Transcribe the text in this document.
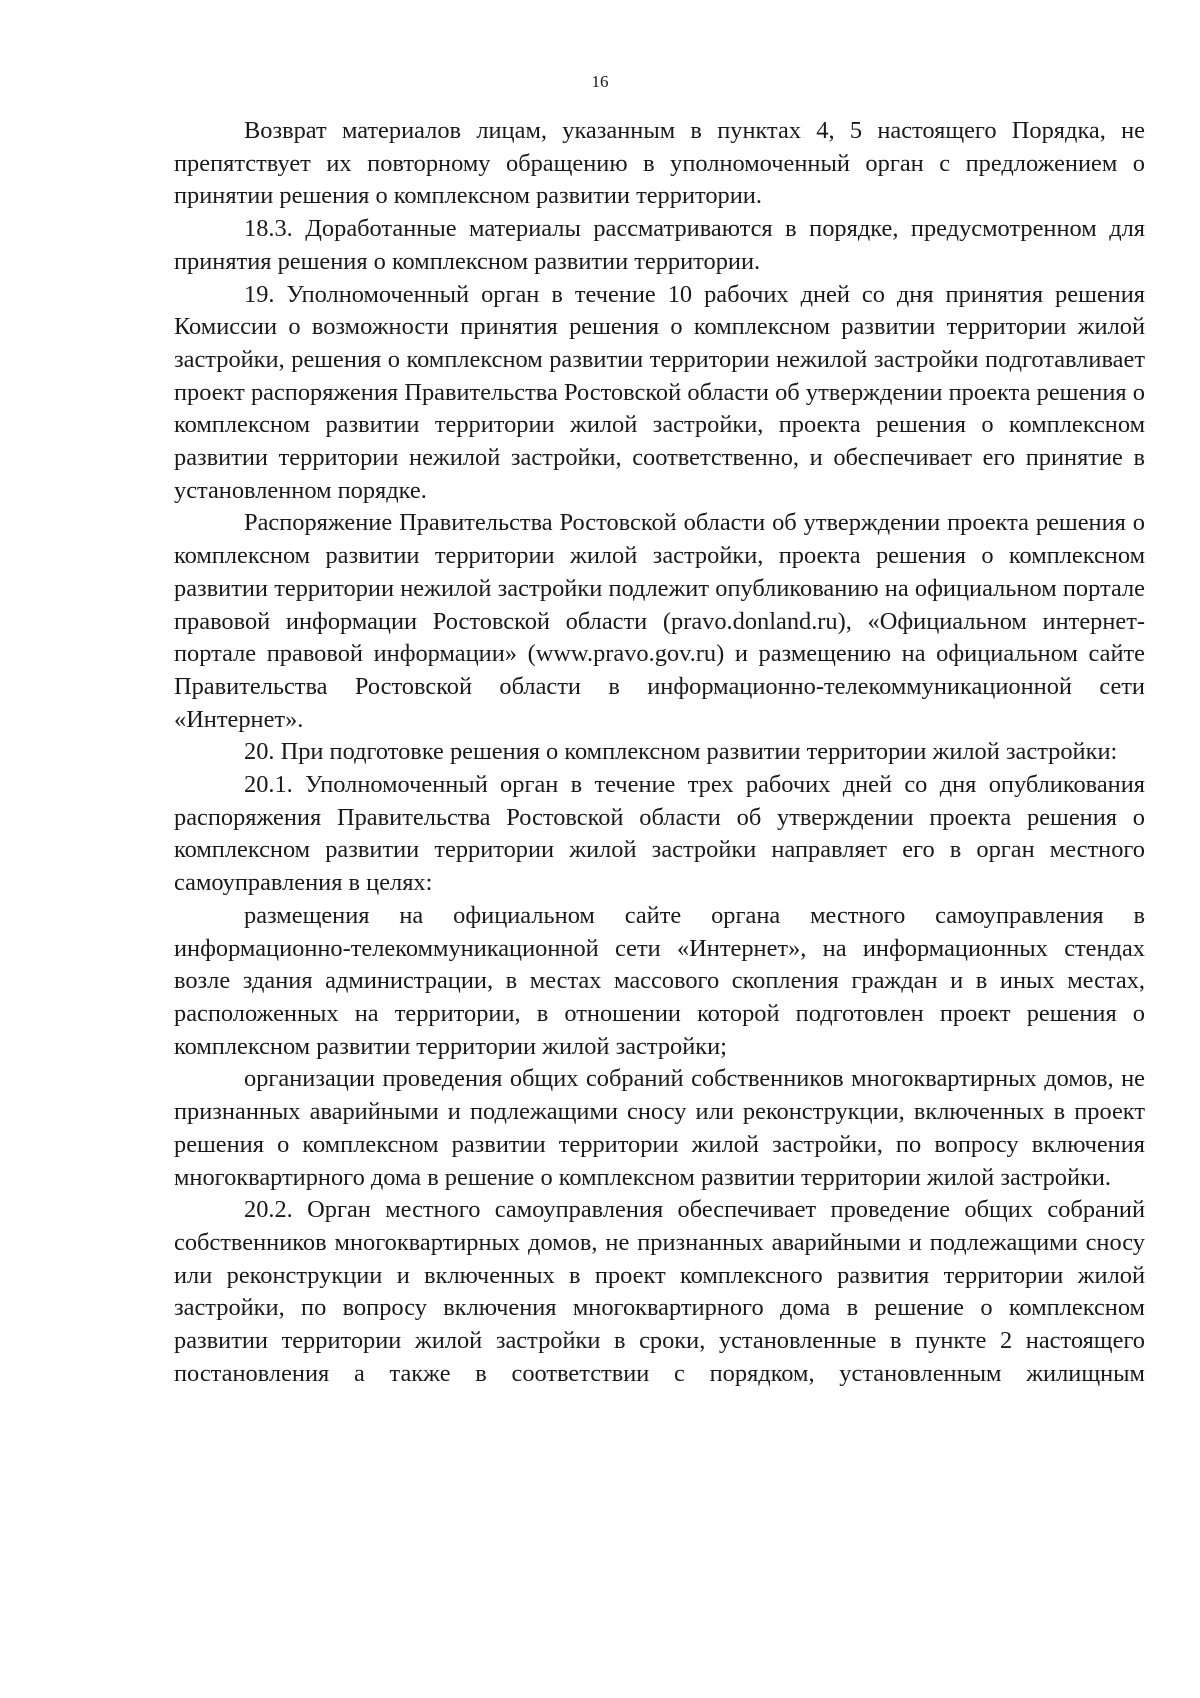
16

Возврат материалов лицам, указанным в пунктах 4, 5 настоящего Порядка, не препятствует их повторному обращению в уполномоченный орган с предложением о принятии решения о комплексном развитии территории.

18.3. Доработанные материалы рассматриваются в порядке, предусмотренном для принятия решения о комплексном развитии территории.

19. Уполномоченный орган в течение 10 рабочих дней со дня принятия решения Комиссии о возможности принятия решения о комплексном развитии территории жилой застройки, решения о комплексном развитии территории нежилой застройки подготавливает проект распоряжения Правительства Ростовской области об утверждении проекта решения о комплексном развитии территории жилой застройки, проекта решения о комплексном развитии территории нежилой застройки, соответственно, и обеспечивает его принятие в установленном порядке.

Распоряжение Правительства Ростовской области об утверждении проекта решения о комплексном развитии территории жилой застройки, проекта решения о комплексном развитии территории нежилой застройки подлежит опубликованию на официальном портале правовой информации Ростовской области (pravo.donland.ru), «Официальном интернет-портале правовой информации» (www.pravo.gov.ru) и размещению на официальном сайте Правительства Ростовской области в информационно-телекоммуникационной сети «Интернет».

20. При подготовке решения о комплексном развитии территории жилой застройки:

20.1. Уполномоченный орган в течение трех рабочих дней со дня опубликования распоряжения Правительства Ростовской области об утверждении проекта решения о комплексном развитии территории жилой застройки направляет его в орган местного самоуправления в целях:

размещения на официальном сайте органа местного самоуправления в информационно-телекоммуникационной сети «Интернет», на информационных стендах возле здания администрации, в местах массового скопления граждан и в иных местах, расположенных на территории, в отношении которой подготовлен проект решения о комплексном развитии территории жилой застройки;

организации проведения общих собраний собственников многоквартирных домов, не признанных аварийными и подлежащими сносу или реконструкции, включенных в проект решения о комплексном развитии территории жилой застройки, по вопросу включения многоквартирного дома в решение о комплексном развитии территории жилой застройки.

20.2. Орган местного самоуправления обеспечивает проведение общих собраний собственников многоквартирных домов, не признанных аварийными и подлежащими сносу или реконструкции и включенных в проект комплексного развития территории жилой застройки, по вопросу включения многоквартирного дома в решение о комплексном развитии территории жилой застройки в сроки, установленные в пункте 2 настоящего постановления а также в соответствии с порядком, установленным жилищным
